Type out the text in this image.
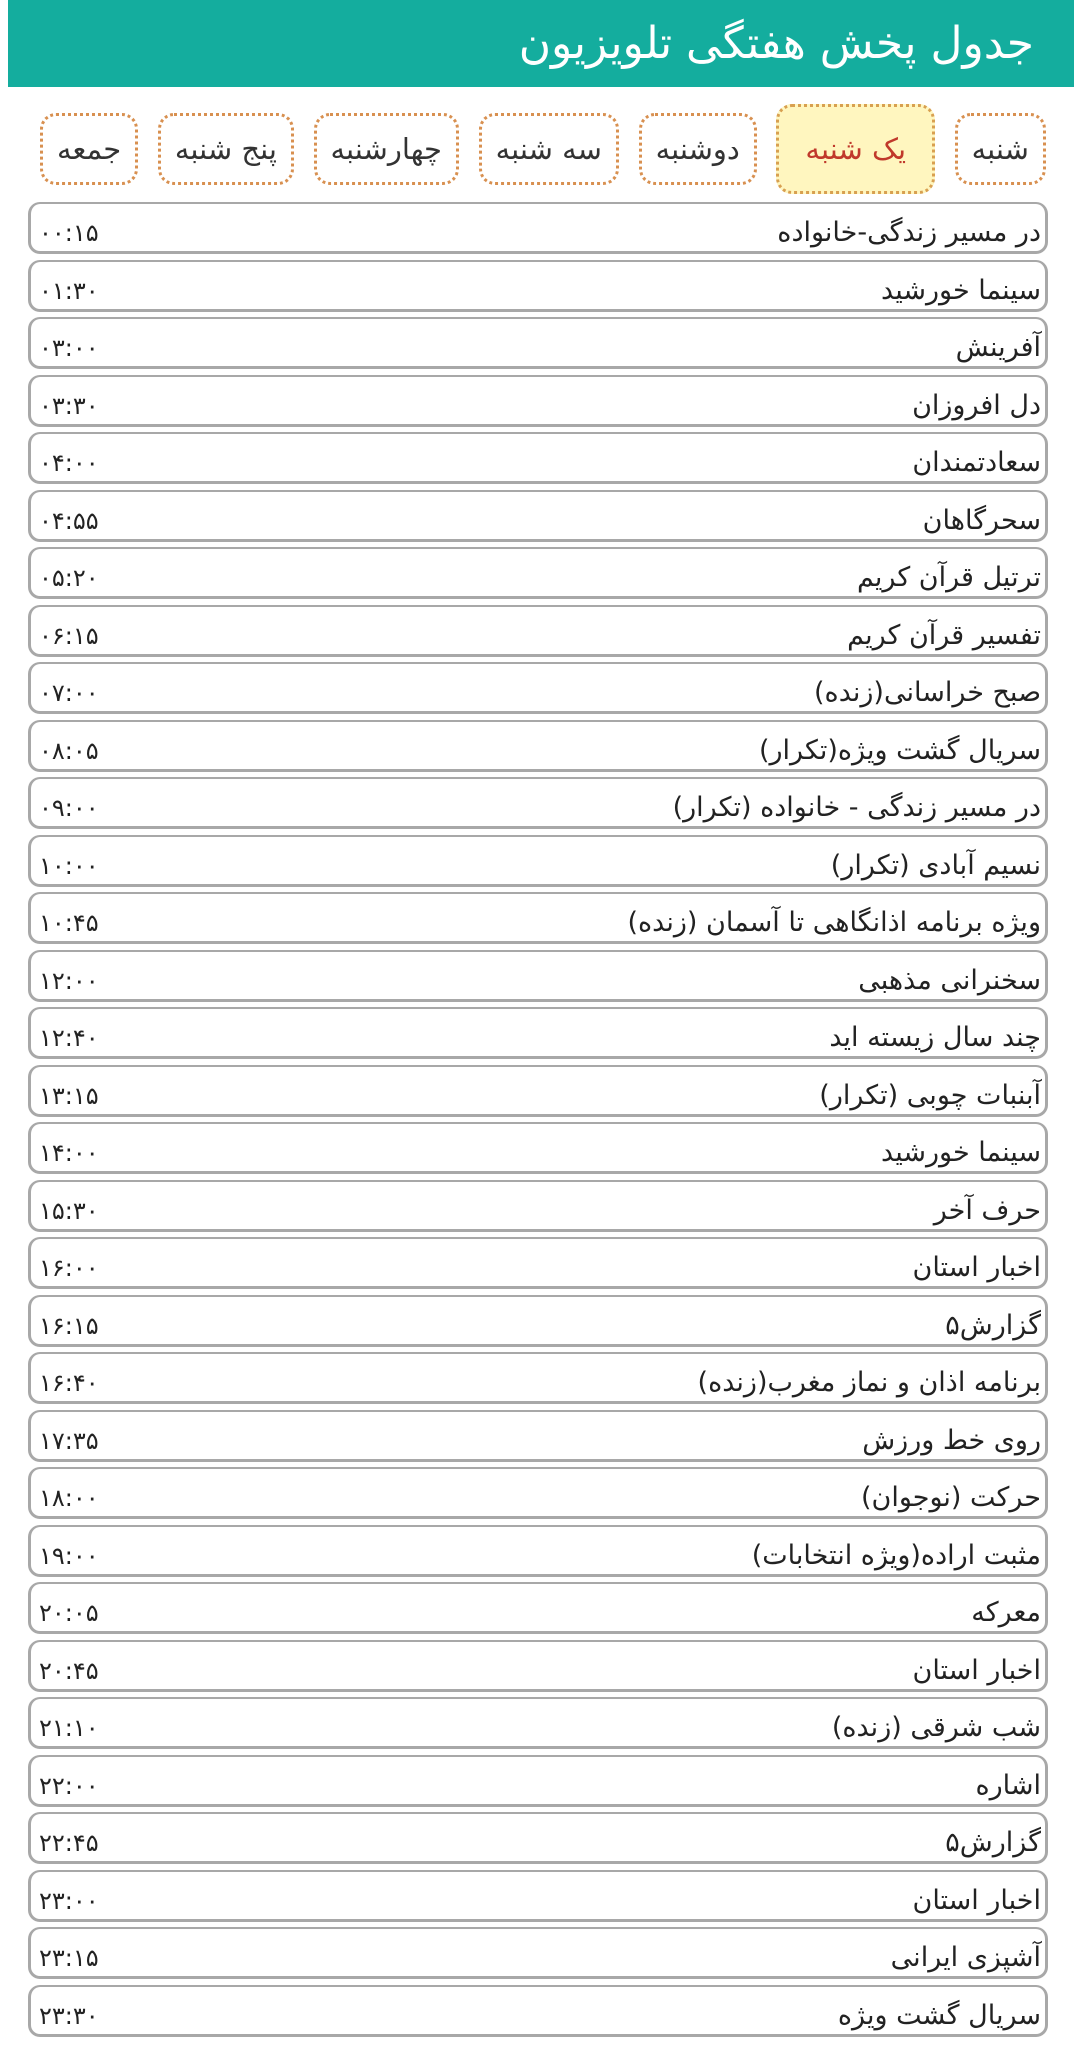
جدول پخش هفتگی تلویزیون
شنبه
یک شنبه
دوشنبه
سه شنبه
چهارشنبه
پنج شنبه
جمعه
در مسیر زندگی-خانواده
۰۰:۱۵
سینما خورشید
۰۱:۳۰
آفرینش
۰۳:۰۰
دل افروزان
۰۳:۳۰
سعادتمندان
۰۴:۰۰
سحرگاهان
۰۴:۵۵
ترتیل قرآن کریم
۰۵:۲۰
تفسیر قرآن کریم
۰۶:۱۵
صبح خراسانی(زنده)
۰۷:۰۰
سریال گشت ویژه(تکرار)
۰۸:۰۵
در مسیر زندگی - خانواده (تکرار)
۰۹:۰۰
نسیم آبادی (تکرار)
۱۰:۰۰
ویژه برنامه اذانگاهی تا آسمان (زنده)
۱۰:۴۵
سخنرانی مذهبی
۱۲:۰۰
چند سال زیسته اید
۱۲:۴۰
آبنبات چوبی (تکرار)
۱۳:۱۵
سینما خورشید
۱۴:۰۰
حرف آخر
۱۵:۳۰
اخبار استان
۱۶:۰۰
گزارش۵
۱۶:۱۵
برنامه اذان و نماز مغرب(زنده)
۱۶:۴۰
روی خط ورزش
۱۷:۳۵
حرکت (نوجوان)
۱۸:۰۰
مثبت اراده(ویژه انتخابات)
۱۹:۰۰
معرکه
۲۰:۰۵
اخبار استان
۲۰:۴۵
شب شرقی (زنده)
۲۱:۱۰
اشاره
۲۲:۰۰
گزارش۵
۲۲:۴۵
اخبار استان
۲۳:۰۰
آشپزی ایرانی
۲۳:۱۵
سریال گشت ویژه
۲۳:۳۰
